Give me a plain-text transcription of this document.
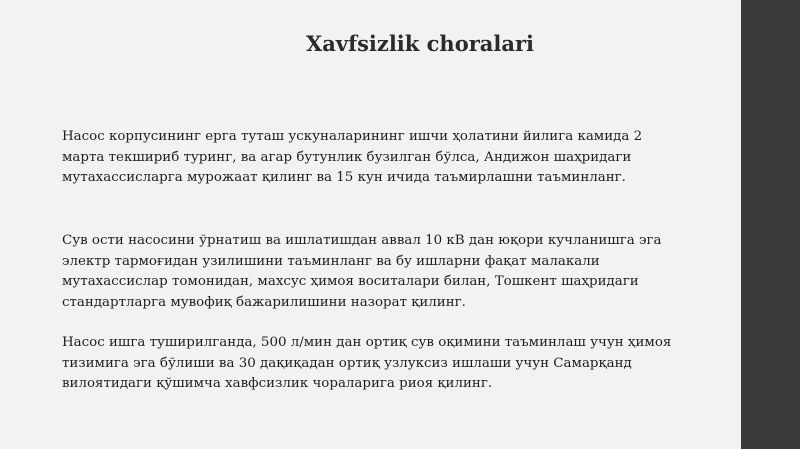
Xavfsizlik choralari

Насос корпусининг ерга туташ ускуналарининг ишчи ҳолатини йилига камида 2
марта текшириб туринг, ва агар бутунлик бузилган бўлса, Андижон шаҳридаги
мутахассисларга мурожаат қилинг ва 15 кун ичида таъмирлашни таъминланг.

Сув ости насосини ўрнатиш ва ишлатишдан аввал 10 кВ дан юқори кучланишга эга
электр тармоғидан узилишини таъминланг ва бу ишларни фақат малакали
мутахассислар томонидан, махсус ҳимоя воситалари билан, Тошкент шаҳридаги
стандартларга мувофиқ бажарилишини назорат қилинг.

Насос ишга туширилганда, 500 л/мин дан ортиқ сув оқимини таъминлаш учун ҳимоя
тизимига эга бўлиши ва 30 дақиқадан ортиқ узлуксиз ишлаши учун Самарқанд
вилоятидаги қўшимча хавфсизлик чораларига риоя қилинг.
